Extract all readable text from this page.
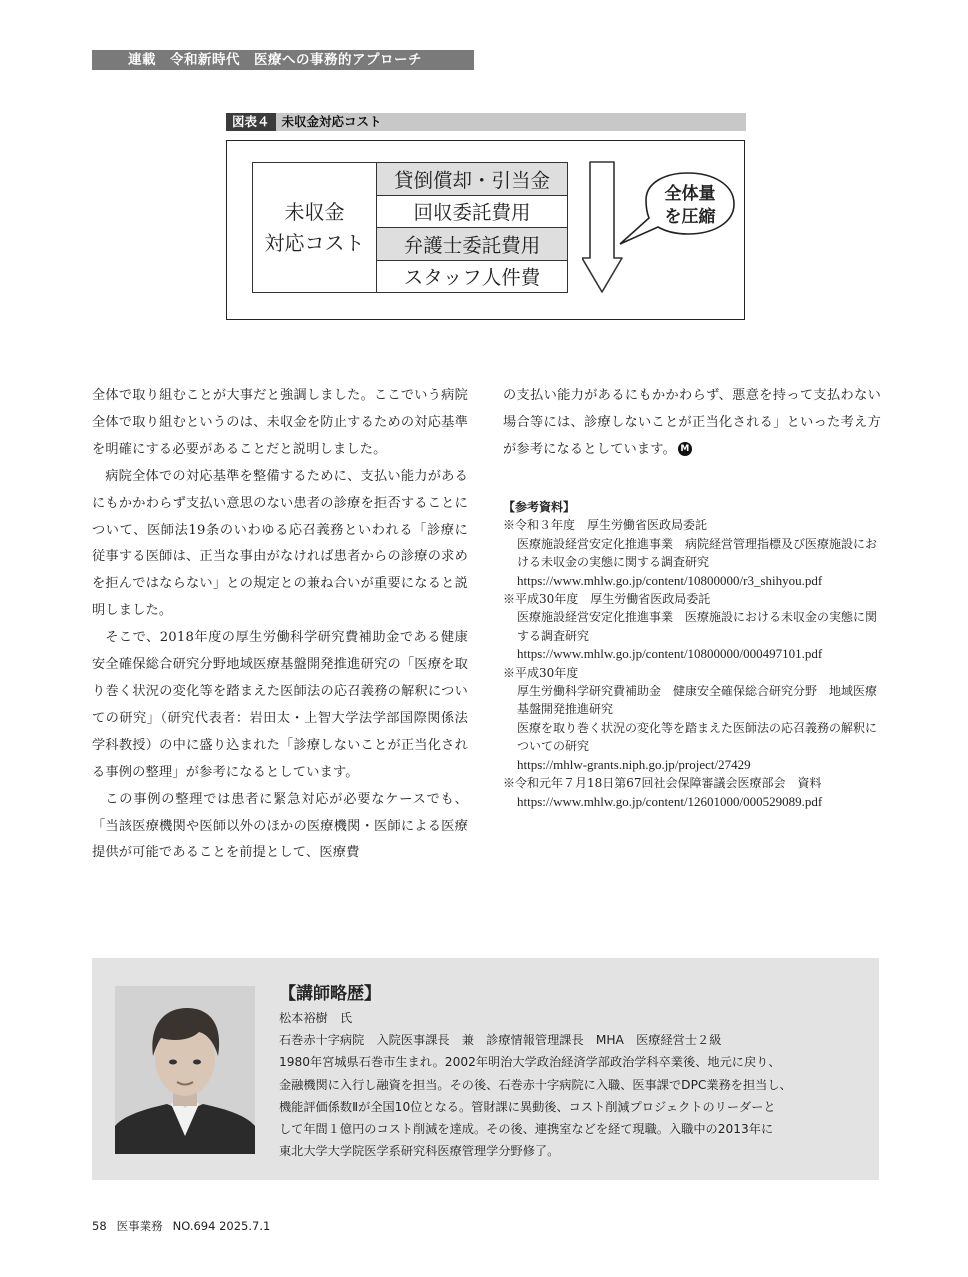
連載　令和新時代　医療への事務的アプローチ
図表４ 未収金対応コスト
未収金
対応コスト
貸倒償却・引当金
回収委託費用
弁護士委託費用
スタッフ人件費
全体量
を圧縮

全体で取り組むことが大事だと強調しました。ここでいう病院全体で取り組むというのは、未収金を防止するための対応基準を明確にする必要があることだと説明しました。

病院全体での対応基準を整備するために、支払い能力があるにもかかわらず支払い意思のない患者の診療を拒否することについて、医師法19条のいわゆる応召義務といわれる「診療に従事する医師は、正当な事由がなければ患者からの診療の求めを拒んではならない」との規定との兼ね合いが重要になると説明しました。

そこで、2018年度の厚生労働科学研究費補助金である健康安全確保総合研究分野地域医療基盤開発推進研究の「医療を取り巻く状況の変化等を踏まえた医師法の応召義務の解釈についての研究」（研究代表者：岩田太・上智大学法学部国際関係法学科教授）の中に盛り込まれた「診療しないことが正当化される事例の整理」が参考になるとしています。

この事例の整理では患者に緊急対応が必要なケースでも、「当該医療機関や医師以外のほかの医療機関・医師による医療提供が可能であることを前提として、医療費

の支払い能力があるにもかかわらず、悪意を持って支払わない場合等には、診療しないことが正当化される」といった考え方が参考になるとしています。 M

【参考資料】
※令和３年度　厚生労働省医政局委託
医療施設経営安定化推進事業　病院経営管理指標及び医療施設における未収金の実態に関する調査研究
https://www.mhlw.go.jp/content/10800000/r3_shihyou.pdf
※平成30年度　厚生労働省医政局委託
医療施設経営安定化推進事業　医療施設における未収金の実態に関する調査研究
https://www.mhlw.go.jp/content/10800000/000497101.pdf
※平成30年度
厚生労働科学研究費補助金　健康安全確保総合研究分野　地域医療基盤開発推進研究
医療を取り巻く状況の変化等を踏まえた医師法の応召義務の解釈についての研究
https://mhlw-grants.niph.go.jp/project/27429
※令和元年７月18日第67回社会保障審議会医療部会　資料
https://www.mhlw.go.jp/content/12601000/000529089.pdf
【講師略歴】
松本裕樹　氏
石巻赤十字病院　入院医事課長　兼　診療情報管理課長　MHA　医療経営士２級
1980年宮城県石巻市生まれ。2002年明治大学政治経済学部政治学科卒業後、地元に戻り、
金融機関に入行し融資を担当。その後、石巻赤十字病院に入職、医事課でDPC業務を担当し、
機能評価係数Ⅱが全国10位となる。管財課に異動後、コスト削減プロジェクトのリーダーと
して年間１億円のコスト削減を達成。その後、連携室などを経て現職。入職中の2013年に
東北大学大学院医学系研究科医療管理学分野修了。
58 医事業務 NO.694 2025.7.1
